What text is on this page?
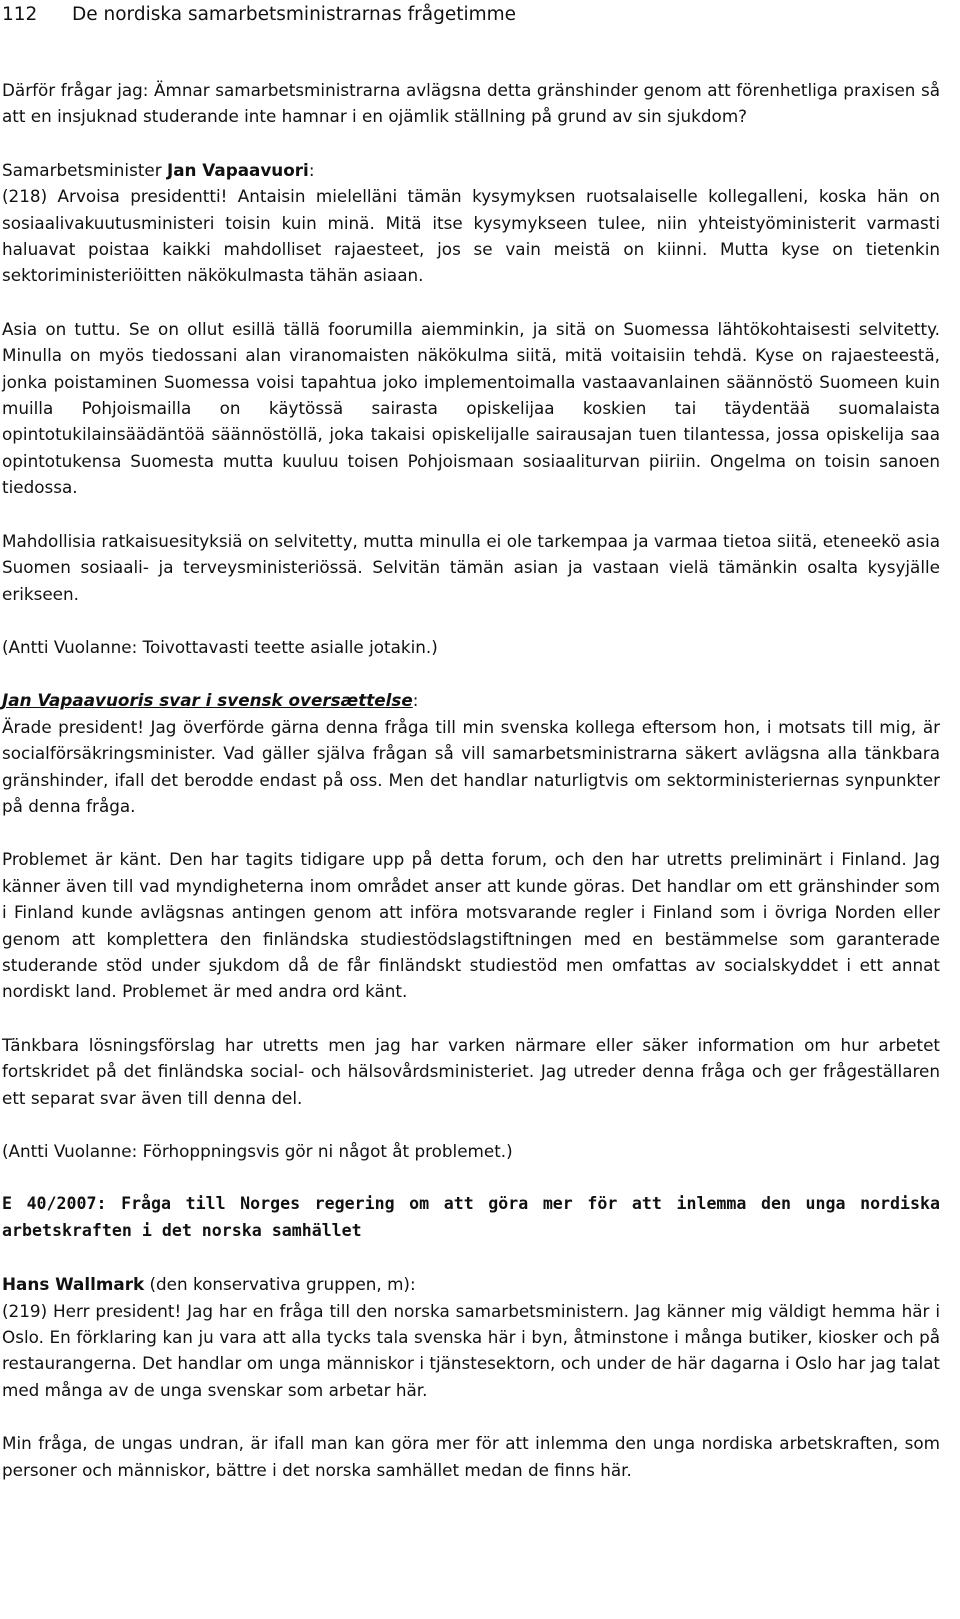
112	De nordiska samarbetsministrarnas frågetimme

Därför frågar jag: Ämnar samarbetsministrarna avlägsna detta gränshinder genom att förenhetliga praxisen så att en insjuknad studerande inte hamnar i en ojämlik ställning på grund av sin sjukdom?

Samarbetsminister Jan Vapaavuori:

(218) Arvoisa presidentti! Antaisin mielelläni tämän kysymyksen ruotsalaiselle kollegalleni, koska hän on sosiaalivakuutusministeri toisin kuin minä. Mitä itse kysymykseen tulee, niin yhteistyöministerit varmasti haluavat poistaa kaikki mahdolliset rajaesteet, jos se vain meistä on kiinni. Mutta kyse on tietenkin sektoriministeriöitten näkökulmasta tähän asiaan.

Asia on tuttu. Se on ollut esillä tällä foorumilla aiemminkin, ja sitä on Suomessa lähtökohtaisesti selvitetty. Minulla on myös tiedossani alan viranomaisten näkökulma siitä, mitä voitaisiin tehdä. Kyse on rajaesteestä, jonka poistaminen Suomessa voisi tapahtua joko implementoimalla vastaavanlainen säännöstö Suomeen kuin muilla Pohjoismailla on käytössä sairasta opiskelijaa koskien tai täydentää suomalaista opintotukilainsäädäntöä säännöstöllä, joka takaisi opiskelijalle sairausajan tuen tilantessa, jossa opiskelija saa opintotukensa Suomesta mutta kuuluu toisen Pohjoismaan sosiaaliturvan piiriin. Ongelma on toisin sanoen tiedossa.

Mahdollisia ratkaisuesityksiä on selvitetty, mutta minulla ei ole tarkempaa ja varmaa tietoa siitä, eteneekö asia Suomen sosiaali- ja terveysministeriössä. Selvitän tämän asian ja vastaan vielä tämänkin osalta kysyjälle erikseen.

(Antti Vuolanne: Toivottavasti teette asialle jotakin.)

Jan Vapaavuoris svar i svensk oversættelse:

Ärade president! Jag överförde gärna denna fråga till min svenska kollega eftersom hon, i motsats till mig, är socialförsäkringsminister. Vad gäller själva frågan så vill samarbetsministrarna säkert avlägsna alla tänkbara gränshinder, ifall det berodde endast på oss. Men det handlar naturligtvis om sektorministeriernas synpunkter på denna fråga.

Problemet är känt. Den har tagits tidigare upp på detta forum, och den har utretts preliminärt i Finland. Jag känner även till vad myndigheterna inom området anser att kunde göras. Det handlar om ett gränshinder som i Finland kunde avlägsnas antingen genom att införa motsvarande regler i Finland som i övriga Norden eller genom att komplettera den finländska studiestödslagstiftningen med en bestämmelse som garanterade studerande stöd under sjukdom då de får finländskt studiestöd men omfattas av socialskyddet i ett annat nordiskt land. Problemet är med andra ord känt.

Tänkbara lösningsförslag har utretts men jag har varken närmare eller säker information om hur arbetet fortskridet på det finländska social- och hälsovårdsministeriet. Jag utreder denna fråga och ger frågeställaren ett separat svar även till denna del.

(Antti Vuolanne: Förhoppningsvis gör ni något åt problemet.)

E 40/2007: Fråga till Norges regering om att göra mer för att inlemma den unga nordiska arbetskraften i det norska samhället

Hans Wallmark (den konservativa gruppen, m):

(219) Herr president! Jag har en fråga till den norska samarbetsministern. Jag känner mig väldigt hemma här i Oslo. En förklaring kan ju vara att alla tycks tala svenska här i byn, åtminstone i många butiker, kiosker och på restaurangerna. Det handlar om unga människor i tjänstesektorn, och under de här dagarna i Oslo har jag talat med många av de unga svenskar som arbetar här.

Min fråga, de ungas undran, är ifall man kan göra mer för att inlemma den unga nordiska arbetskraften, som personer och människor, bättre i det norska samhället medan de finns här.
